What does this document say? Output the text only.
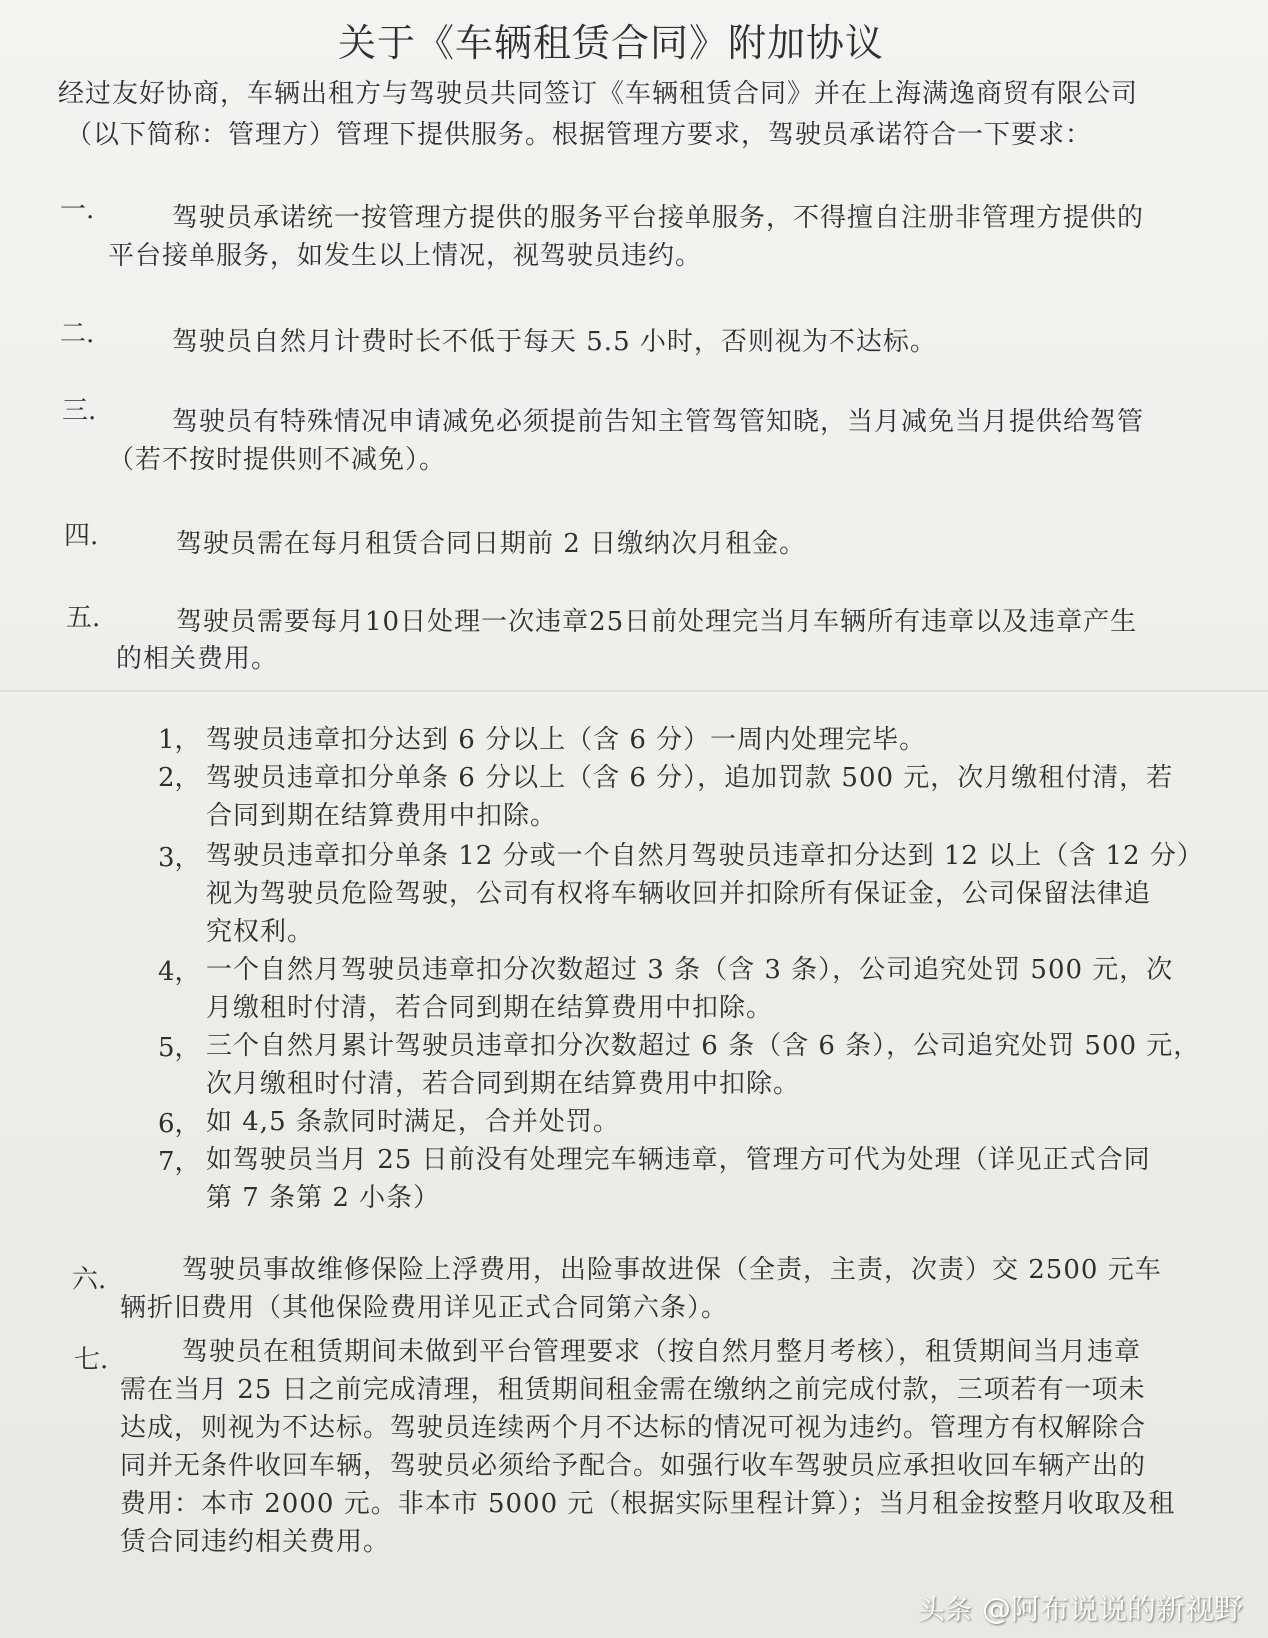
关于《车辆租赁合同》附加协议

经过友好协商，车辆出租方与驾驶员共同签订《车辆租赁合同》并在上海满逸商贸有限公司

（以下简称：管理方）管理下提供服务。根据管理方要求，驾驶员承诺符合一下要求：

一.	驾驶员承诺统一按管理方提供的服务平台接单服务，不得擅自注册非管理方提供的

平台接单服务，如发生以上情况，视驾驶员违约。

二.	驾驶员自然月计费时长不低于每天 5.5 小时，否则视为不达标。

三.	驾驶员有特殊情况申请减免必须提前告知主管驾管知晓，当月减免当月提供给驾管

（若不按时提供则不减免）。

四.	驾驶员需在每月租赁合同日期前 2 日缴纳次月租金。

五.	驾驶员需要每月10日处理一次违章25日前处理完当月车辆所有违章以及违章产生

的相关费用。

1， 驾驶员违章扣分达到 6 分以上（含 6 分）一周内处理完毕。

2， 驾驶员违章扣分单条 6 分以上（含 6 分），追加罚款 500 元，次月缴租付清，若

合同到期在结算费用中扣除。

3， 驾驶员违章扣分单条 12 分或一个自然月驾驶员违章扣分达到 12 以上（含 12 分）

视为驾驶员危险驾驶，公司有权将车辆收回并扣除所有保证金，公司保留法律追

究权利。

4， 一个自然月驾驶员违章扣分次数超过 3 条（含 3 条），公司追究处罚 500 元，次

月缴租时付清，若合同到期在结算费用中扣除。

5， 三个自然月累计驾驶员违章扣分次数超过 6 条（含 6 条），公司追究处罚 500 元，

次月缴租时付清，若合同到期在结算费用中扣除。

6， 如 4,5 条款同时满足，合并处罚。

7， 如驾驶员当月 25 日前没有处理完车辆违章，管理方可代为处理（详见正式合同

第 7 条第 2 小条）

六.	驾驶员事故维修保险上浮费用，出险事故进保（全责，主责，次责）交 2500 元车

辆折旧费用（其他保险费用详见正式合同第六条）。

七.	驾驶员在租赁期间未做到平台管理要求（按自然月整月考核），租赁期间当月违章

需在当月 25 日之前完成清理，租赁期间租金需在缴纳之前完成付款，三项若有一项未

达成，则视为不达标。驾驶员连续两个月不达标的情况可视为违约。管理方有权解除合

同并无条件收回车辆，驾驶员必须给予配合。如强行收车驾驶员应承担收回车辆产出的

费用：本市 2000 元。非本市 5000 元（根据实际里程计算）；当月租金按整月收取及租

赁合同违约相关费用。

头条 @阿布说说的新视野
